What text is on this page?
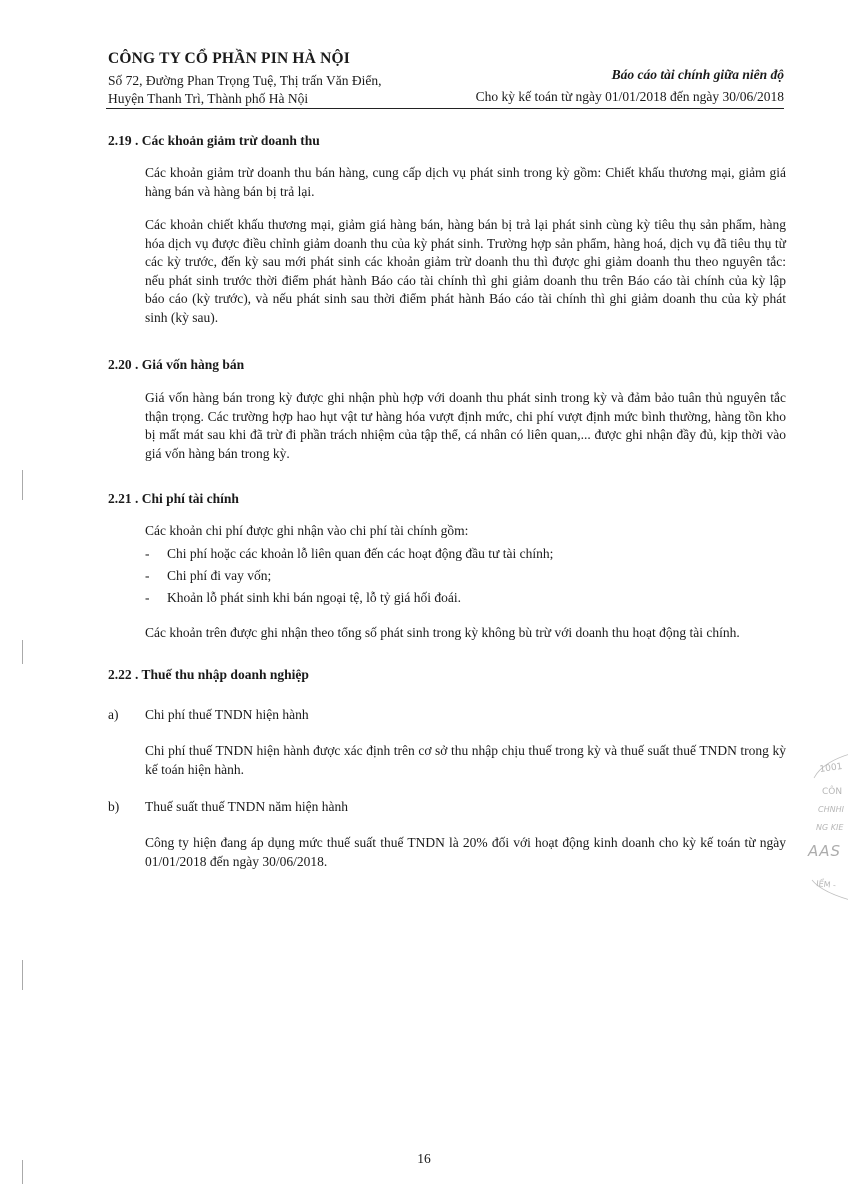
CÔNG TY CỔ PHẦN PIN HÀ NỘI
Số 72, Đường Phan Trọng Tuệ, Thị trấn Văn Điển,
Huyện Thanh Trì, Thành phố Hà Nội
Báo cáo tài chính giữa niên độ
Cho kỳ kế toán từ ngày 01/01/2018 đến ngày 30/06/2018
2.19 . Các khoản giảm trừ doanh thu

Các khoản giảm trừ doanh thu bán hàng, cung cấp dịch vụ phát sinh trong kỳ gồm: Chiết khấu thương mại, giảm giá hàng bán và hàng bán bị trả lại.

Các khoản chiết khấu thương mại, giảm giá hàng bán, hàng bán bị trả lại phát sinh cùng kỳ tiêu thụ sản phẩm, hàng hóa dịch vụ được điều chỉnh giảm doanh thu của kỳ phát sinh. Trường hợp sản phẩm, hàng hoá, dịch vụ đã tiêu thụ từ các kỳ trước, đến kỳ sau mới phát sinh các khoản giảm trừ doanh thu thì được ghi giảm doanh thu theo nguyên tắc: nếu phát sinh trước thời điểm phát hành Báo cáo tài chính thì ghi giảm doanh thu trên Báo cáo tài chính của kỳ lập báo cáo (kỳ trước), và nếu phát sinh sau thời điểm phát hành Báo cáo tài chính thì ghi giảm doanh thu của kỳ phát sinh (kỳ sau).

2.20 . Giá vốn hàng bán

Giá vốn hàng bán trong kỳ được ghi nhận phù hợp với doanh thu phát sinh trong kỳ và đảm bảo tuân thủ nguyên tắc thận trọng. Các trường hợp hao hụt vật tư hàng hóa vượt định mức, chi phí vượt định mức bình thường, hàng tồn kho bị mất mát sau khi đã trừ đi phần trách nhiệm của tập thể, cá nhân có liên quan,... được ghi nhận đầy đủ, kịp thời vào giá vốn hàng bán trong kỳ.

2.21 . Chi phí tài chính
Các khoản chi phí được ghi nhận vào chi phí tài chính gồm:
- Chi phí hoặc các khoản lỗ liên quan đến các hoạt động đầu tư tài chính;
- Chi phí đi vay vốn;
- Khoản lỗ phát sinh khi bán ngoại tệ, lỗ tỷ giá hối đoái.

Các khoản trên được ghi nhận theo tổng số phát sinh trong kỳ không bù trừ với doanh thu hoạt động tài chính.

2.22 . Thuế thu nhập doanh nghiệp
a) Chi phí thuế TNDN hiện hành

Chi phí thuế TNDN hiện hành được xác định trên cơ sở thu nhập chịu thuế trong kỳ và thuế suất thuế TNDN trong kỳ kế toán hiện hành.

b) Thuế suất thuế TNDN năm hiện hành

Công ty hiện đang áp dụng mức thuế suất thuế TNDN là 20% đối với hoạt động kinh doanh cho kỳ kế toán từ ngày 01/01/2018 đến ngày 30/06/2018.

1001
CÔN
CHNHI
NG KIE
AAS
IỂM -
16
